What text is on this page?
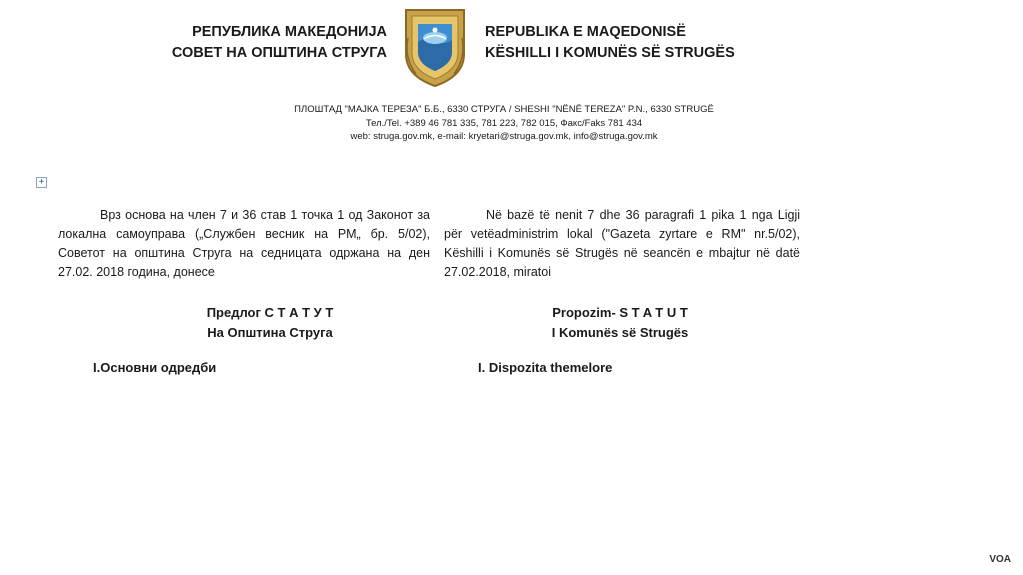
РЕПУБЛИКА МАКЕДОНИЈА
СОВЕТ НА ОПШТИНА СТРУГА
REPUBLIKA E MAQEDONISË
KËSHILLI I KOMUNËS SË STRUGËS
ПЛОШТАД "МАЈКА ТЕРЕЗА" Б.Б., 6330 СТРУГА / SHESHI "NËNË TEREZA" P.N., 6330 STRUGË
Тел./Tel. +389 46 781 335, 781 223, 782 015, Факс/Faks 781 434
web: struga.gov.mk, e-mail: kryetari@struga.gov.mk, info@struga.gov.mk
+
Врз основа на член 7 и 36 став 1 точка 1 од Законот за локална самоуправа („Службен весник на РМ„ бр. 5/02), Советот на општина Струга на седницата одржана на ден 27.02. 2018 година, донесе
Në bazë të nenit 7 dhe 36 paragrafi 1 pika 1 nga Ligji për vetëadministrim lokal ("Gazeta zyrtare e RM" nr.5/02), Këshilli i Komunës së Strugës në seancën e mbajtur në datë 27.02.2018, miratoi
Предлог С Т А Т У Т
На Општина Струга
Propozim- S T A T U T
I Komunës së Strugës
I.Основни одредби	I. Dispozita themelore
VOA
